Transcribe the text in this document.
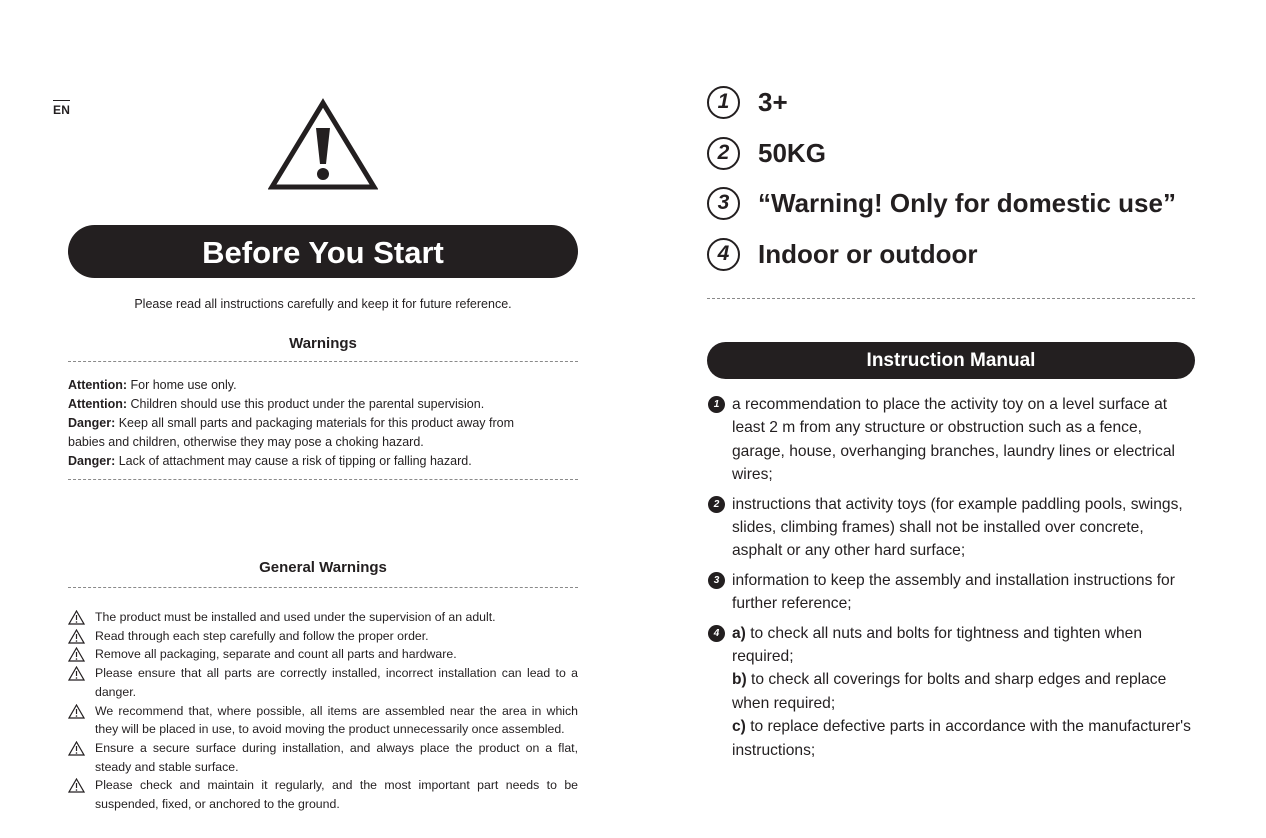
EN
Before You Start
Please read all instructions carefully and keep it for future reference.
Warnings
Attention: For home use only.
Attention: Children should use this product under the parental supervision.
Danger: Keep all small parts and packaging materials for this product away from babies and children, otherwise they may pose a choking hazard.
Danger: Lack of attachment may cause a risk of tipping or falling hazard.
General Warnings
The product must be installed and used under the supervision of an adult.
Read through each step carefully and follow the proper order.
Remove all packaging, separate and count all parts and hardware.
Please ensure that all parts are correctly installed, incorrect installation can lead to a danger.
We recommend that, where possible, all items are assembled near the area in which they will be placed in use, to avoid moving the product unnecessarily once assembled.
Ensure a secure surface during installation, and always place the product on a flat, steady and stable surface.
Please check and maintain it regularly, and the most important part needs to be suspended, fixed, or anchored to the ground.
1	3+
2	50KG
3	“Warning! Only for domestic use”
4	Indoor or outdoor
Instruction Manual
1 a recommendation to place the activity toy on a level surface at least 2 m from any structure or obstruction such as a fence, garage, house, overhanging branches, laundry lines or electrical wires;
2 instructions that activity toys (for example paddling pools, swings, slides, climbing frames) shall not be installed over concrete, asphalt or any other hard surface;
3 information to keep the assembly and installation instructions for further reference;
4 a) to check all nuts and bolts for tightness and tighten when required;
b) to check all coverings for bolts and sharp edges and replace when required;
c) to replace defective parts in accordance with the manufacturer's instructions;
